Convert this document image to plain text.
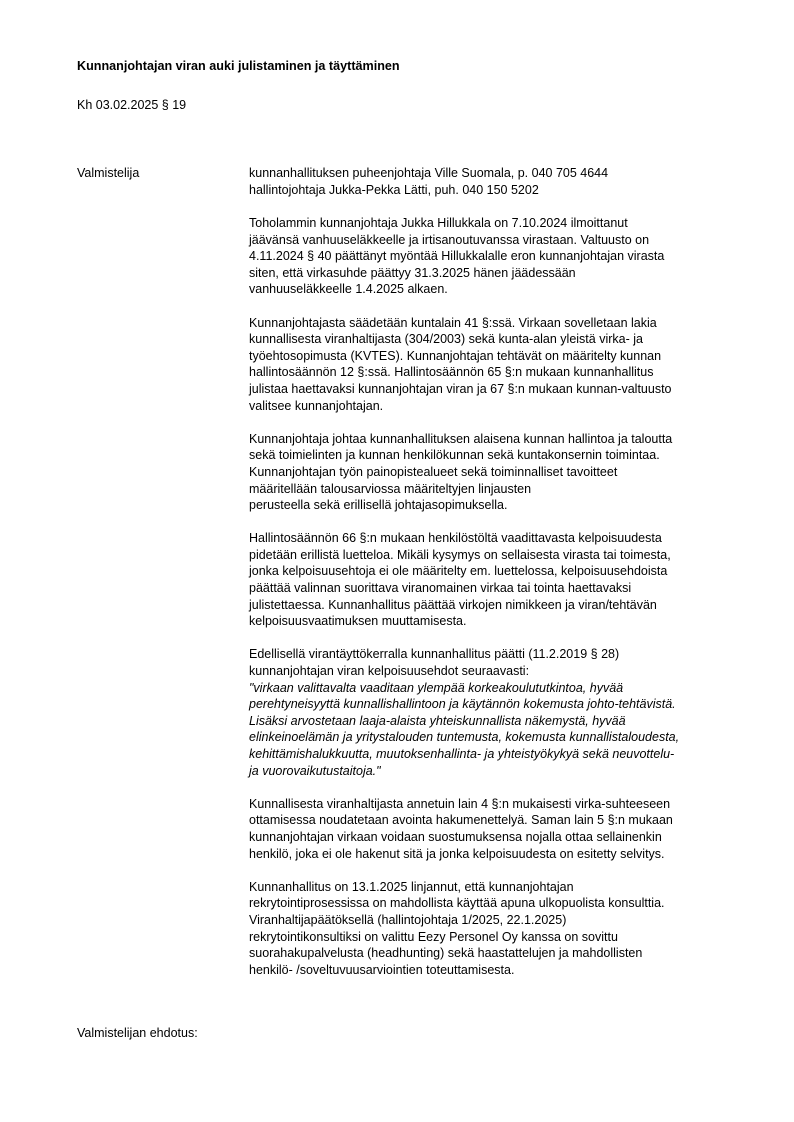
Kunnanjohtajan viran auki julistaminen ja täyttäminen
Kh 03.02.2025 § 19
Valmistelija	kunnanhallituksen puheenjohtaja Ville Suomala, p. 040 705 4644
hallintojohtaja Jukka-Pekka Lätti, puh. 040 150 5202
Toholammin kunnanjohtaja Jukka Hillukkala on 7.10.2024 ilmoittanut
jäävänsä vanhuuseläkkeelle ja irtisanoutuvanssa virastaan. Valtuusto on
4.11.2024 § 40 päättänyt myöntää Hillukkalalle eron kunnanjohtajan virasta
siten, että virkasuhde päättyy 31.3.2025 hänen jäädessään
vanhuuseläkkeelle 1.4.2025 alkaen.
Kunnanjohtajasta säädetään kuntalain 41 §:ssä. Virkaan sovelletaan lakia
kunnallisesta viranhaltijasta (304/2003) sekä kunta-alan yleistä virka- ja
työehtosopimusta (KVTES). Kunnanjohtajan tehtävät on määritelty kunnan
hallintosäännön 12 §:ssä. Hallintosäännön 65 §:n mukaan kunnanhallitus
julistaa haettavaksi kunnanjohtajan viran ja 67 §:n mukaan kunnan-valtuusto
valitsee kunnanjohtajan.
Kunnanjohtaja johtaa kunnanhallituksen alaisena kunnan hallintoa ja taloutta
sekä toimielinten ja kunnan henkilökunnan sekä kuntakonsernin toimintaa.
Kunnanjohtajan työn painopistealueet sekä toiminnalliset tavoitteet
määritellään talousarviossa määriteltyjen linjausten
perusteella sekä erillisellä johtajasopimuksella.
Hallintosäännön 66 §:n mukaan henkilöstöltä vaadittavasta kelpoisuudesta
pidetään erillistä luetteloa. Mikäli kysymys on sellaisesta virasta tai toimesta,
jonka kelpoisuusehtoja ei ole määritelty em. luettelossa, kelpoisuusehdoista
päättää valinnan suorittava viranomainen virkaa tai tointa haettavaksi
julistettaessa. Kunnanhallitus päättää virkojen nimikkeen ja viran/tehtävän
kelpoisuusvaatimuksen muuttamisesta.
Edellisellä virantäyttökerralla kunnanhallitus päätti (11.2.2019 § 28)
kunnanjohtajan viran kelpoisuusehdot seuraavasti:
"virkaan valittavalta vaaditaan ylempää korkeakoulututkintoa, hyvää
perehtyneisyyttä kunnallishallintoon ja käytännön kokemusta johto-tehtävistä.
Lisäksi arvostetaan laaja-alaista yhteiskunnallista näkemystä, hyvää
elinkeinoelämän ja yritystalouden tuntemusta, kokemusta kunnallistaloudesta,
kehittämishalukkuutta, muutoksenhallinta- ja yhteistyökykyä sekä neuvottelu-
ja vuorovaikutustaitoja."
Kunnallisesta viranhaltijasta annetuin lain 4 §:n mukaisesti virka-suhteeseen
ottamisessa noudatetaan avointa hakumenettelyä. Saman lain 5 §:n mukaan
kunnanjohtajan virkaan voidaan suostumuksensa nojalla ottaa sellainenkin
henkilö, joka ei ole hakenut sitä ja jonka kelpoisuudesta on esitetty selvitys.
Kunnanhallitus on 13.1.2025 linjannut, että kunnanjohtajan
rekrytointiprosessissa on mahdollista käyttää apuna ulkopuolista konsulttia.
Viranhaltijapäätöksellä (hallintojohtaja 1/2025, 22.1.2025)
rekrytointikonsultiksi on valittu Eezy Personel Oy kanssa on sovittu
suorahakupalvelusta (headhunting) sekä haastattelujen ja mahdollisten
henkilö- /soveltuvuusarviointien toteuttamisesta.
Valmistelijan ehdotus:
